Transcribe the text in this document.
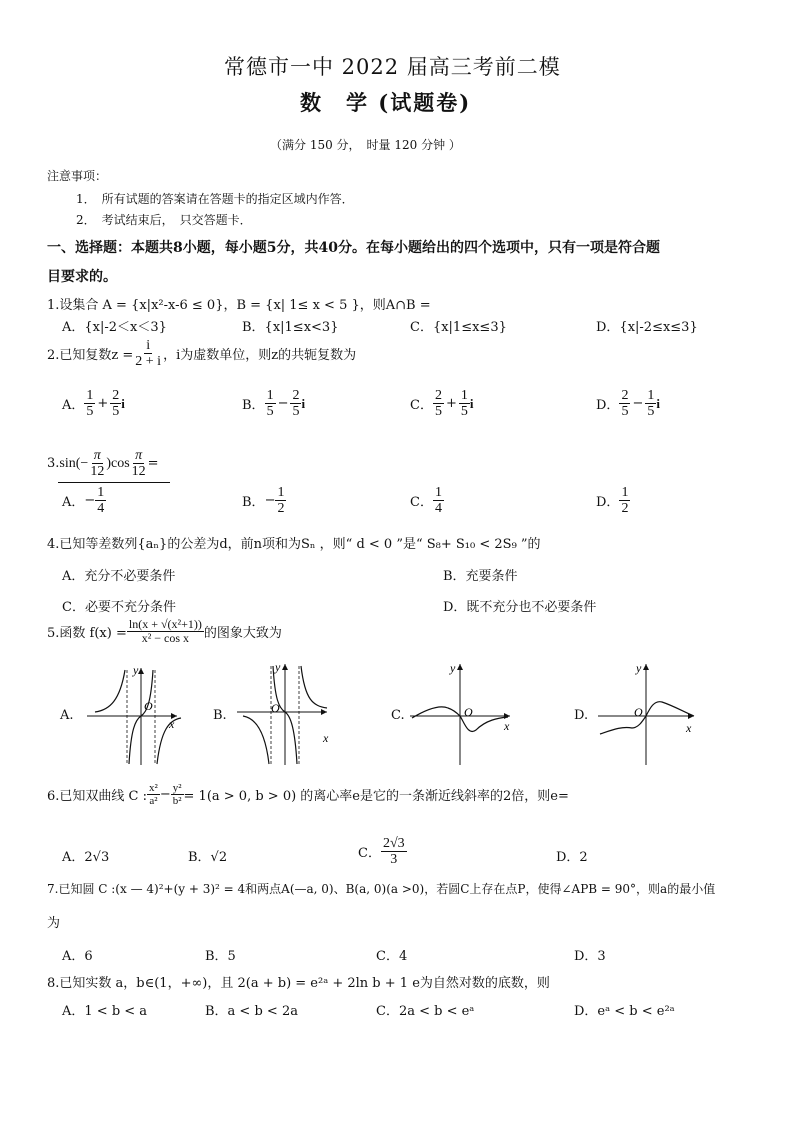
常德市一中 2022 届高三考前二模
数　学 (试题卷)
（满分 150 分，　时量 120 分钟 ）
注意事项：
1．　所有试题的答案请在答题卡的指定区域内作答．
2．　考试结束后，　只交答题卡．
一、选择题：本题共8小题，每小题5分，共40分。在每小题给出的四个选项中，只有一项是符合题
目要求的。
1.设集合 A = {x|x²-x-6 ≤ 0}，B = {x| 1≤ x < 5 }，则A∩B =
A．{x|-2＜x＜3}	B．{x|1≤x<3}	C．{x|1≤x≤3}	D．{x|-2≤x≤3}
2.已知复数$z = \frac{i}{2 + i}$ ，i为虚数单位，则z的共轭复数为
A． $\frac{1}{5} + \frac{2}{5}$ i	B． $\frac{1}{5} - \frac{2}{5}$ i	C． $\frac{2}{5} + \frac{1}{5}$ i	D． $\frac{2}{5} - \frac{1}{5}$ i
3. $\sin(- \frac{\pi}{12} )\cos \frac{\pi}{12}$ =
A． − $\frac{1}{4}$	B． − $\frac{1}{2}$	C． $\frac{1}{4}$	D． $\frac{1}{2}$
4.已知等差数列{aₙ}的公差为d，前n项和为Sₙ ，则“ d < 0 ”是“ S₈+ S₁₀ < 2S₉ ”的
A．充分不必要条件	B．充要条件
C．必要不充分条件	D．既不充分也不必要条件
5.函数 $f(x) = \frac{\text{ln(x + √(x²+1))}}{\text{x² − cos x}}$ 的图象大致为
A.
O
x
y
B.	O
x
y
C.	O
x
y
D.	O
x
y
6.已知双曲线 C : $\frac{\text{x²}}{\text{a²}} - \frac{\text{y²}}{\text{b²}} = 1(a > 0$, b > 0) 的离心率e是它的一条渐近线斜率的2倍，则e=
A．2√3	B．√2	C． $\frac{2√3}{3}$	D．2
7.已知圆 C :(x — 4)²+(y + 3)² = 4和两点A(—a, 0)、B(a, 0)(a >0)，若圆C上存在点P，使得∠APB = 90°，则a的最小值
为
A．6	B．5	C．4	D．3
8.已知实数 a，b∈(1，+∞)，且 2(a + b) = e²ᵃ + 2ln b + 1 e为自然对数的底数，则
A．1 < b < a	B．a < b < 2a	C．2a < b < eᵃ	D．eᵃ < b < e²ᵃ
